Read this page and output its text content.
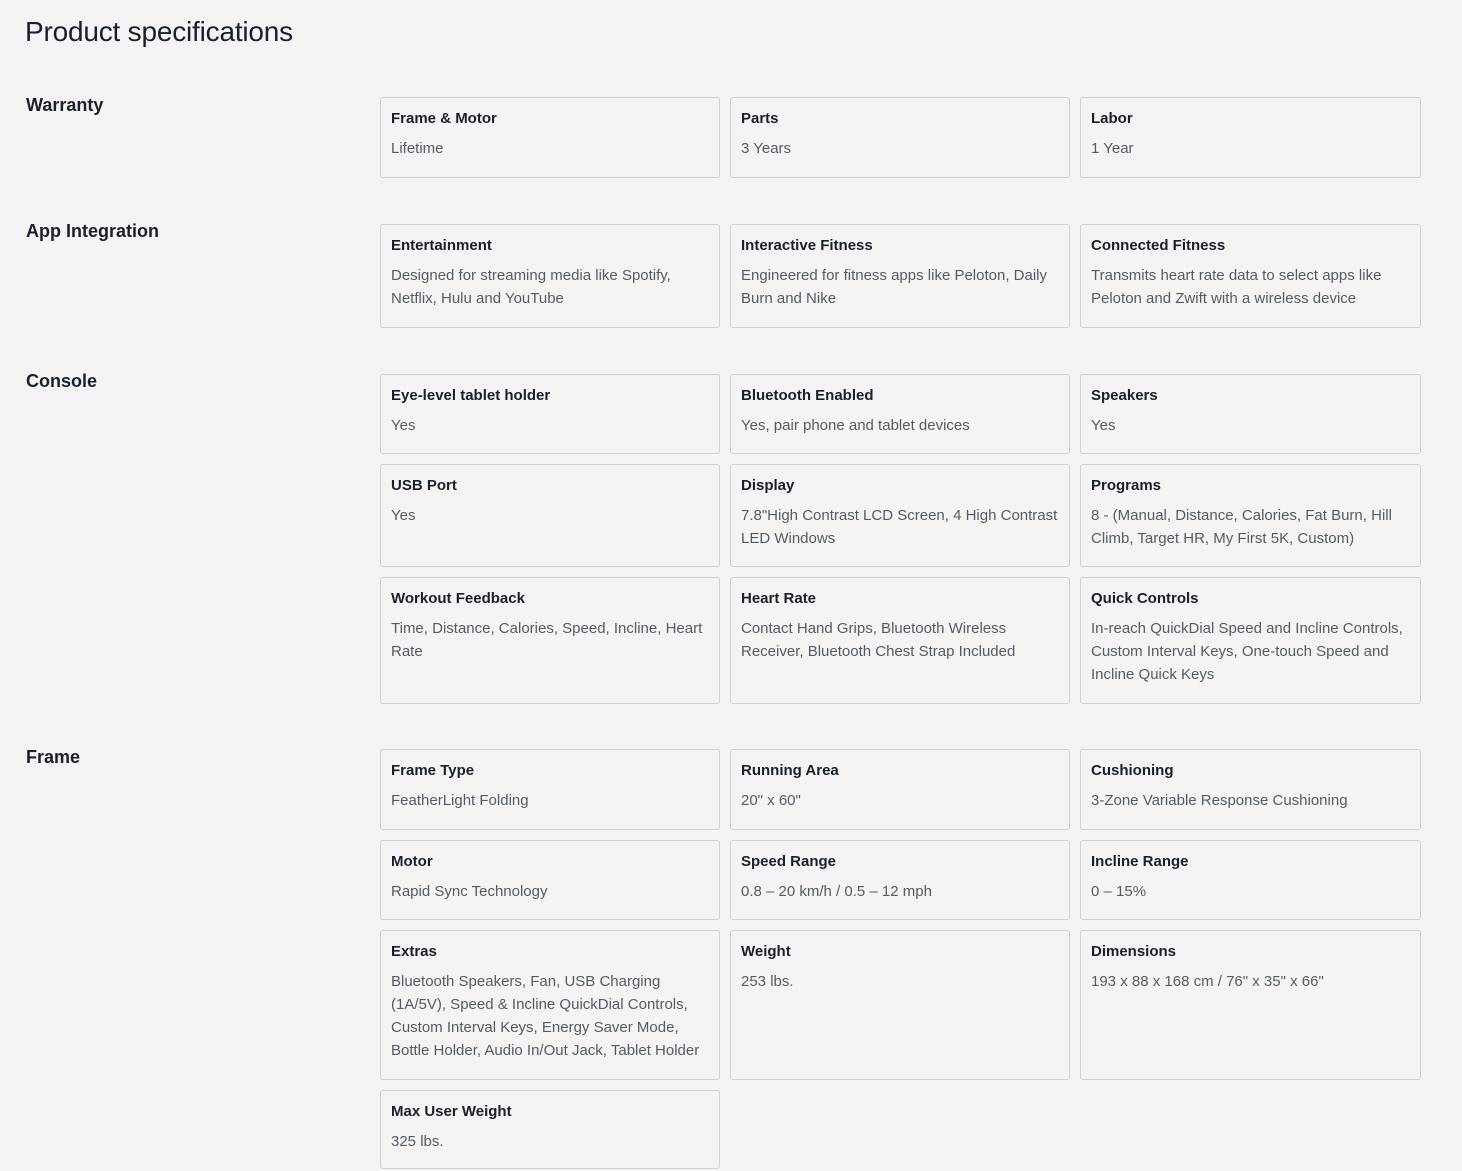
Product specifications
Warranty

Frame & Motor

Lifetime

Parts

3 Years

Labor

1 Year

App Integration

Entertainment

Designed for streaming media like Spotify, Netflix, Hulu and YouTube

Interactive Fitness

Engineered for fitness apps like Peloton, Daily Burn and Nike

Connected Fitness

Transmits heart rate data to select apps like Peloton and Zwift with a wireless device

Console

Eye-level tablet holder

Yes

Bluetooth Enabled

Yes, pair phone and tablet devices

Speakers

Yes

USB Port

Yes

Display

7.8"High Contrast LCD Screen, 4 High Contrast LED Windows

Programs

8 - (Manual, Distance, Calories, Fat Burn, Hill Climb, Target HR, My First 5K, Custom)

Workout Feedback

Time, Distance, Calories, Speed, Incline, Heart Rate

Heart Rate

Contact Hand Grips, Bluetooth Wireless Receiver, Bluetooth Chest Strap Included

Quick Controls

In-reach QuickDial Speed and Incline Controls, Custom Interval Keys, One-touch Speed and Incline Quick Keys

Frame

Frame Type

FeatherLight Folding

Running Area

20" x 60"

Cushioning

3-Zone Variable Response Cushioning

Motor

Rapid Sync Technology

Speed Range

0.8 – 20 km/h / 0.5 – 12 mph

Incline Range

0 – 15%

Extras

Bluetooth Speakers, Fan, USB Charging (1A/5V), Speed & Incline QuickDial Controls, Custom Interval Keys, Energy Saver Mode, Bottle Holder, Audio In/Out Jack, Tablet Holder

Weight

253 lbs.

Dimensions

193 x 88 x 168 cm / 76" x 35" x 66"

Max User Weight

325 lbs.
